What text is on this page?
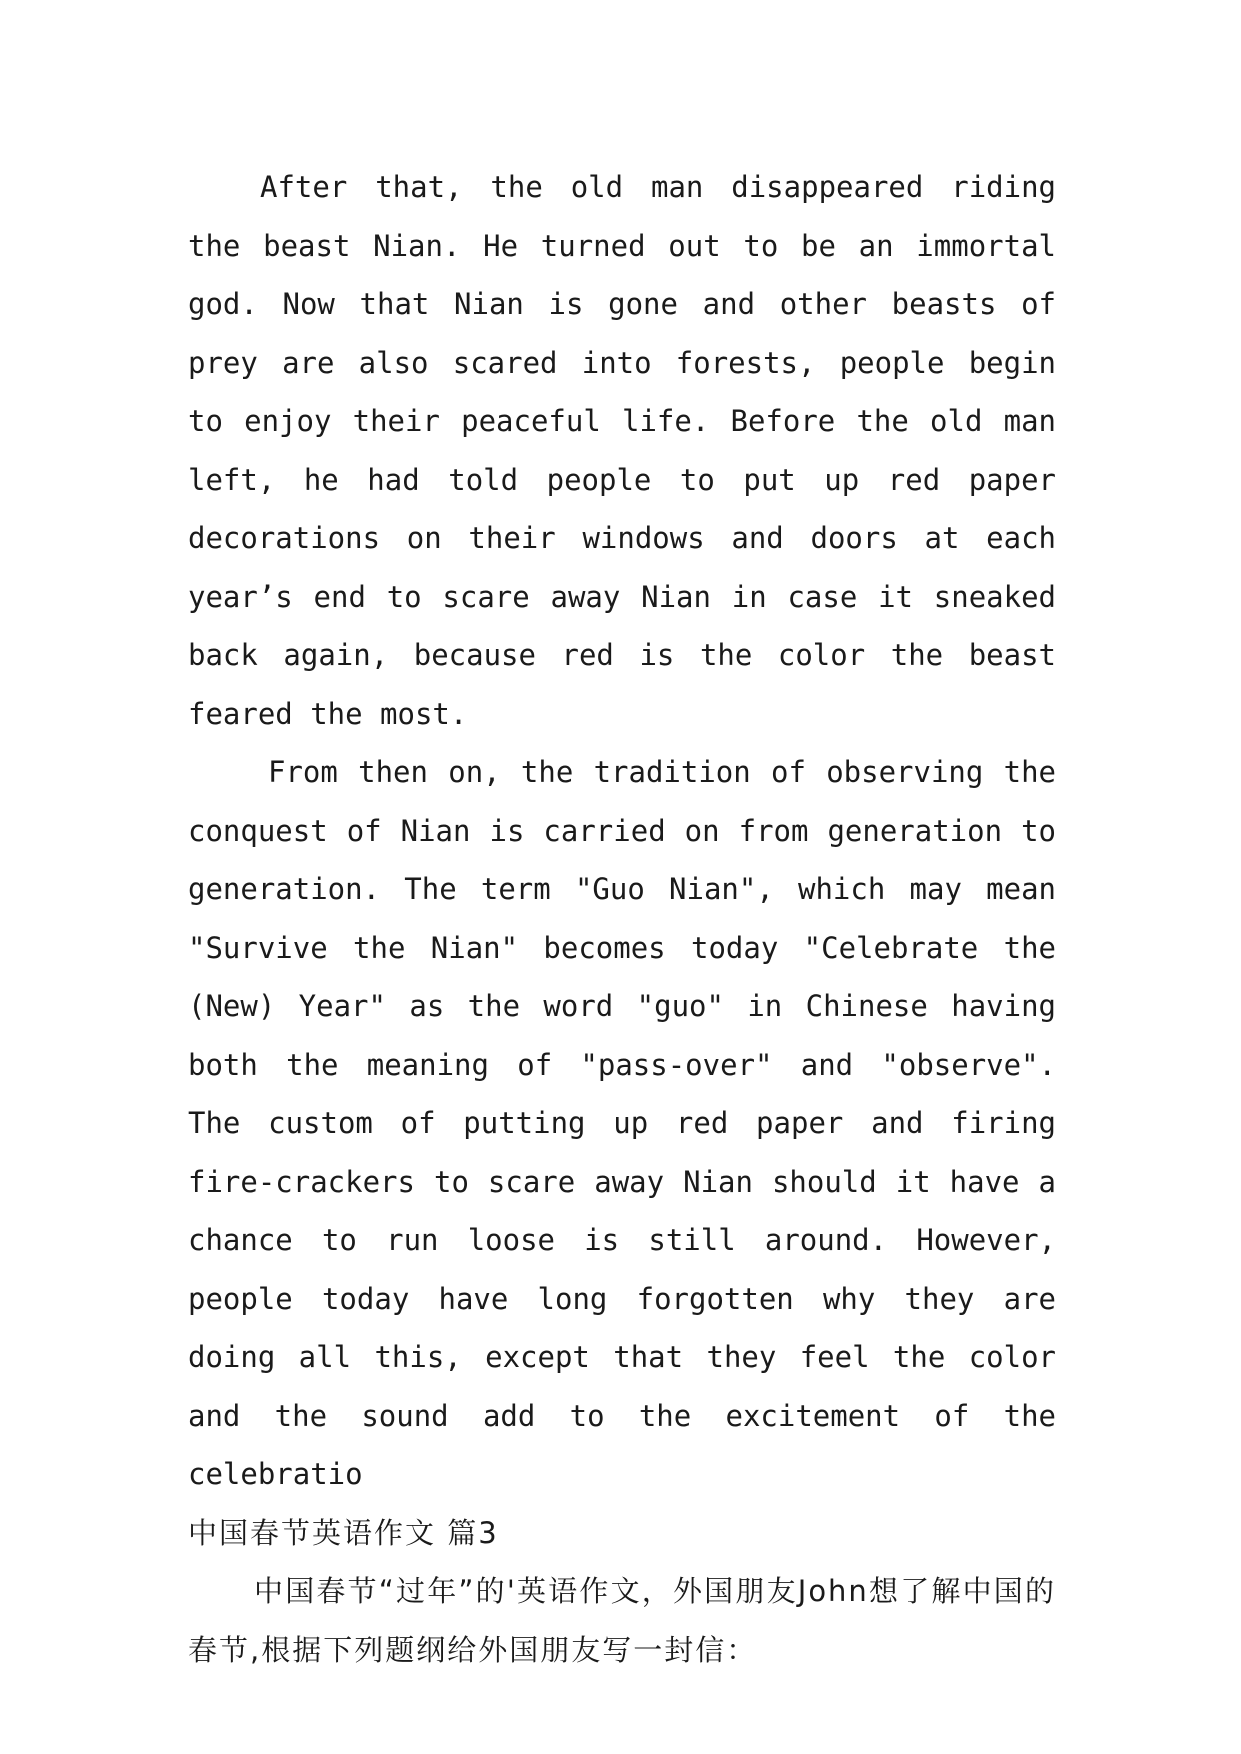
After that, the old man disappeared riding the beast Nian. He turned out to be an immortal god. Now that Nian is gone and other beasts of prey are also scared into forests, people begin to enjoy their peaceful life. Before the old man left, he had told people to put up red paper decorations on their windows and doors at each year’s end to scare away Nian in case it sneaked back again, because red is the color the beast feared the most.

From then on, the tradition of observing the conquest of Nian is carried on from generation to generation. The term "Guo Nian", which may mean "Survive the Nian" becomes today "Celebrate the (New) Year" as the word "guo" in Chinese having both the meaning of "pass-over" and "observe". The custom of putting up red paper and firing fire-crackers to scare away Nian should it have a chance to run loose is still around. However, people today have long forgotten why they are doing all this, except that they feel the color and the sound add to the excitement of the celebratio

中国春节英语作文 篇3

中国春节“过年”的'英语作文，外国朋友John想了解中国的春节,根据下列题纲给外国朋友写一封信：
